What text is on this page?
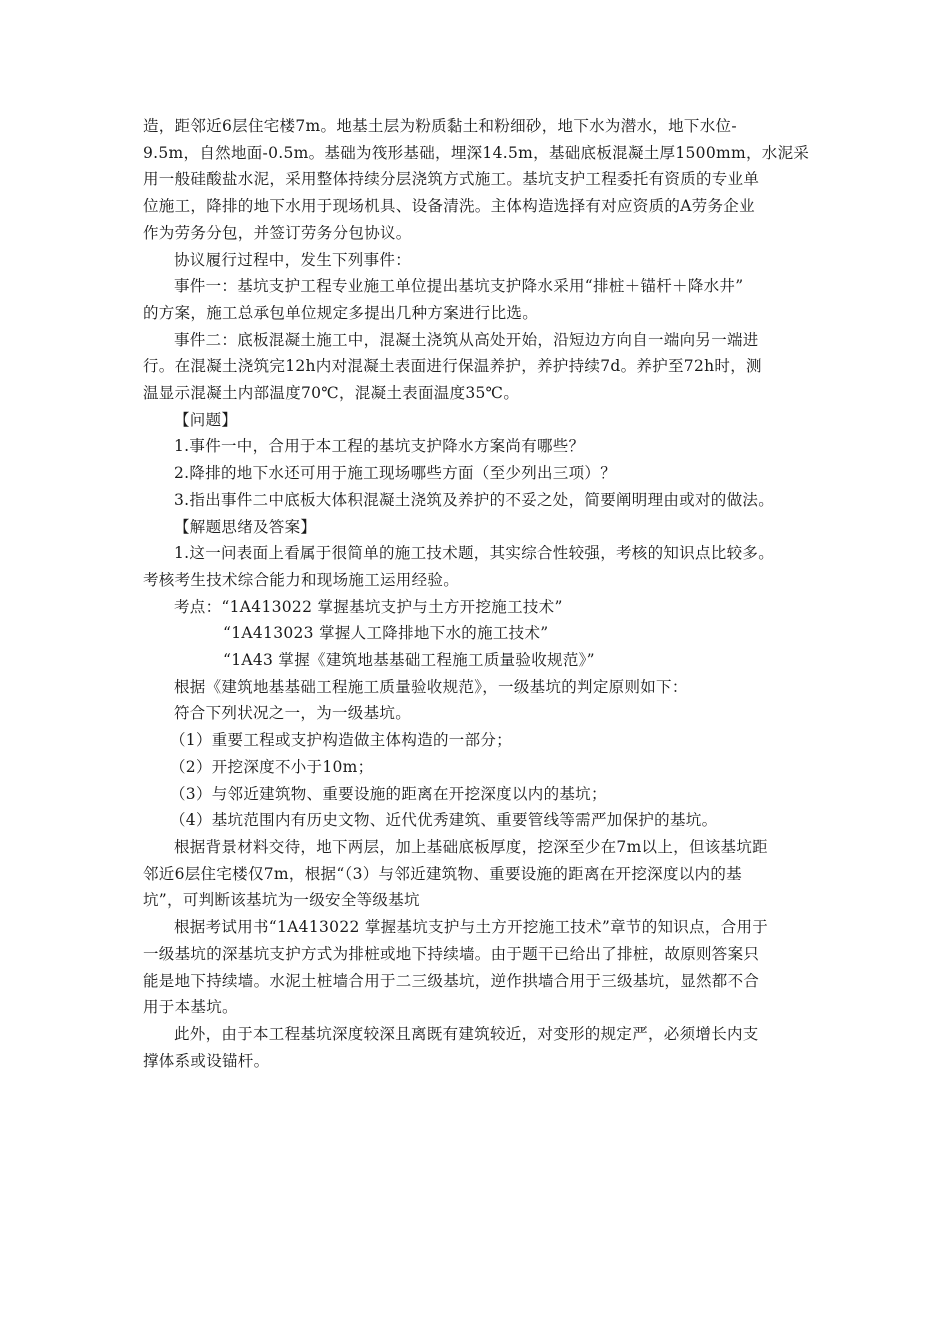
造，距邻近6层住宅楼7m。地基土层为粉质黏土和粉细砂，地下水为潜水，地下水位-
9.5m，自然地面-0.5m。基础为筏形基础，埋深14.5m，基础底板混凝土厚1500mm，水泥采
用一般硅酸盐水泥，采用整体持续分层浇筑方式施工。基坑支护工程委托有资质的专业单
位施工，降排的地下水用于现场机具、设备清洗。主体构造选择有对应资质的A劳务企业
作为劳务分包，并签订劳务分包协议。
协议履行过程中，发生下列事件：
事件一：基坑支护工程专业施工单位提出基坑支护降水采用“排桩＋锚杆＋降水井”
的方案，施工总承包单位规定多提出几种方案进行比选。
事件二：底板混凝土施工中，混凝土浇筑从高处开始，沿短边方向自一端向另一端进
行。在混凝土浇筑完12h内对混凝土表面进行保温养护，养护持续7d。养护至72h时，测
温显示混凝土内部温度70℃，混凝土表面温度35℃。
【问题】
1.事件一中，合用于本工程的基坑支护降水方案尚有哪些？
2.降排的地下水还可用于施工现场哪些方面（至少列出三项）？
3.指出事件二中底板大体积混凝土浇筑及养护的不妥之处，简要阐明理由或对的做法。
【解题思绪及答案】
1.这一问表面上看属于很简单的施工技术题，其实综合性较强，考核的知识点比较多。
考核考生技术综合能力和现场施工运用经验。
考点：“1A413022 掌握基坑支护与土方开挖施工技术”
“1A413023 掌握人工降排地下水的施工技术”
“1A43 掌握《建筑地基基础工程施工质量验收规范》”
根据《建筑地基基础工程施工质量验收规范》，一级基坑的判定原则如下：
符合下列状况之一，为一级基坑。
（1）重要工程或支护构造做主体构造的一部分；
（2）开挖深度不小于10m；
（3）与邻近建筑物、重要设施的距离在开挖深度以内的基坑；
（4）基坑范围内有历史文物、近代优秀建筑、重要管线等需严加保护的基坑。
根据背景材料交待，地下两层，加上基础底板厚度，挖深至少在7m以上，但该基坑距
邻近6层住宅楼仅7m，根据“（3）与邻近建筑物、重要设施的距离在开挖深度以内的基
坑”，可判断该基坑为一级安全等级基坑
根据考试用书“1A413022 掌握基坑支护与土方开挖施工技术”章节的知识点，合用于
一级基坑的深基坑支护方式为排桩或地下持续墙。由于题干已给出了排桩，故原则答案只
能是地下持续墙。水泥土桩墙合用于二三级基坑，逆作拱墙合用于三级基坑，显然都不合
用于本基坑。
此外，由于本工程基坑深度较深且离既有建筑较近，对变形的规定严，必须增长内支
撑体系或设锚杆。
